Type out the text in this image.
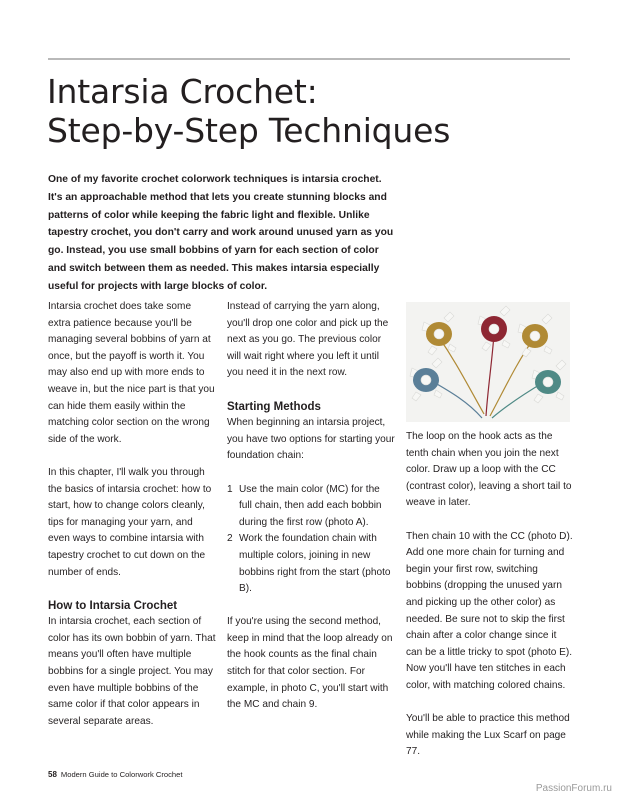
Intarsia Crochet:
Step-by-Step Techniques

One of my favorite crochet colorwork techniques is intarsia crochet. It's an approachable method that lets you create stunning blocks and patterns of color while keeping the fabric light and flexible. Unlike tapestry crochet, you don't carry and work around unused yarn as you go. Instead, you use small bobbins of yarn for each section of color and switch between them as needed. This makes intarsia especially useful for projects with large blocks of color.

Intarsia crochet does take some extra patience because you'll be managing several bobbins of yarn at once, but the payoff is worth it. You may also end up with more ends to weave in, but the nice part is that you can hide them easily within the matching color section on the wrong side of the work.

In this chapter, I'll walk you through the basics of intarsia crochet: how to start, how to change colors cleanly, tips for managing your yarn, and even ways to combine intarsia with tapestry crochet to cut down on the number of ends.

How to Intarsia Crochet

In intarsia crochet, each section of color has its own bobbin of yarn. That means you'll often have multiple bobbins for a single project. You may even have multiple bobbins of the same color if that color appears in several separate areas.

Instead of carrying the yarn along, you'll drop one color and pick up the next as you go. The previous color will wait right where you left it until you need it in the next row.

Starting Methods

When beginning an intarsia project, you have two options for starting your foundation chain:

1 Use the main color (MC) for the full chain, then add each bobbin during the first row (photo A).
2 Work the foundation chain with multiple colors, joining in new bobbins right from the start (photo B).

If you're using the second method, keep in mind that the loop already on the hook counts as the final chain stitch for that color section. For example, in photo C, you'll start with the MC and chain 9.

The loop on the hook acts as the tenth chain when you join the next color. Draw up a loop with the CC (contrast color), leaving a short tail to weave in later.

Then chain 10 with the CC (photo D). Add one more chain for turning and begin your first row, switching bobbins (dropping the unused yarn and picking up the other color) as needed. Be sure not to skip the first chain after a color change since it can be a little tricky to spot (photo E). Now you'll have ten stitches in each color, with matching colored chains.

You'll be able to practice this method while making the Lux Scarf on page 77.

58 Modern Guide to Colorwork Crochet
PassionForum.ru
